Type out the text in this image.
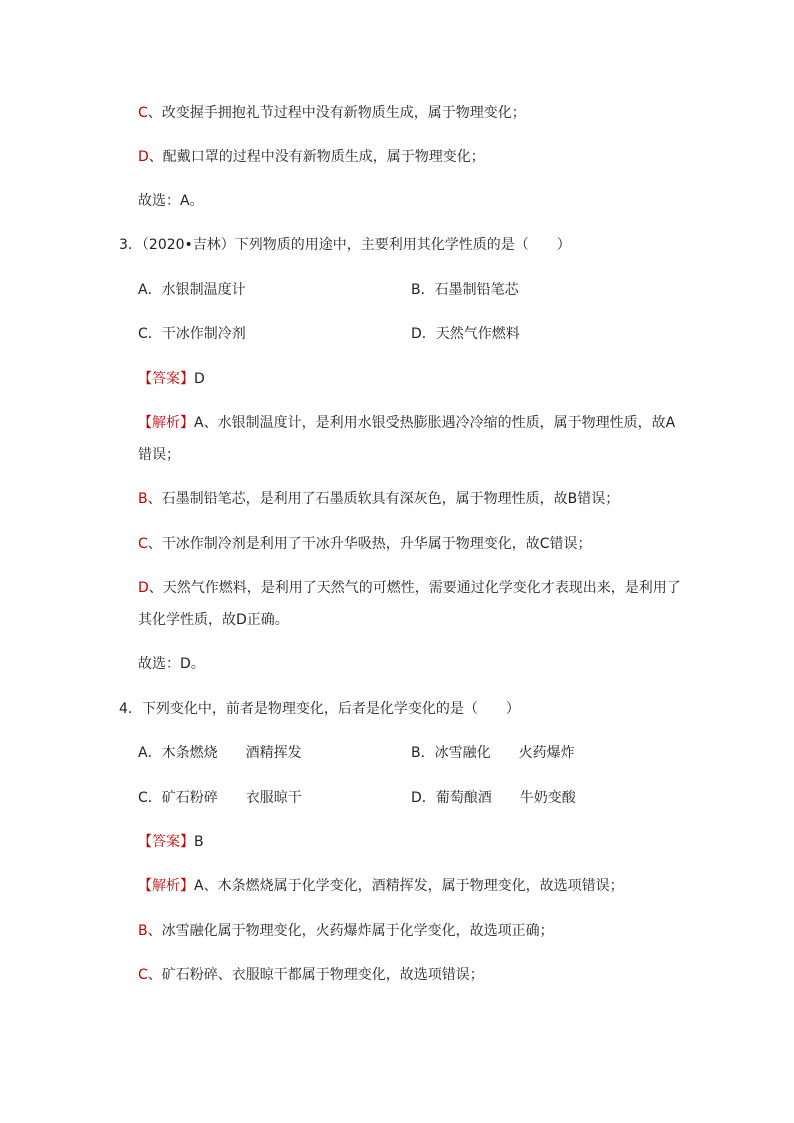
C、改变握手拥抱礼节过程中没有新物质生成，属于物理变化；
D、配戴口罩的过程中没有新物质生成，属于物理变化；
故选：A。
3．（2020•吉林）下列物质的用途中，主要利用其化学性质的是（　　）
A．水银制温度计	B．石墨制铅笔芯
C．干冰作制冷剂	D．天然气作燃料
【答案】D
【解析】A、水银制温度计，是利用水银受热膨胀遇冷冷缩的性质，属于物理性质，故A
错误；
B、石墨制铅笔芯，是利用了石墨质软具有深灰色，属于物理性质，故B错误；
C、干冰作制冷剂是利用了干冰升华吸热，升华属于物理变化，故C错误；
D、天然气作燃料，是利用了天然气的可燃性，需要通过化学变化才表现出来，是利用了
其化学性质，故D正确。
故选：D。
4．下列变化中，前者是物理变化，后者是化学变化的是（　　）
A．木条燃烧 酒精挥发	B．冰雪融化 火药爆炸
C．矿石粉碎 衣服晾干	D．葡萄酿酒 牛奶变酸
【答案】B
【解析】A、木条燃烧属于化学变化，酒精挥发，属于物理变化，故选项错误；
B、冰雪融化属于物理变化，火药爆炸属于化学变化，故选项正确；
C、矿石粉碎、衣服晾干都属于物理变化，故选项错误；
